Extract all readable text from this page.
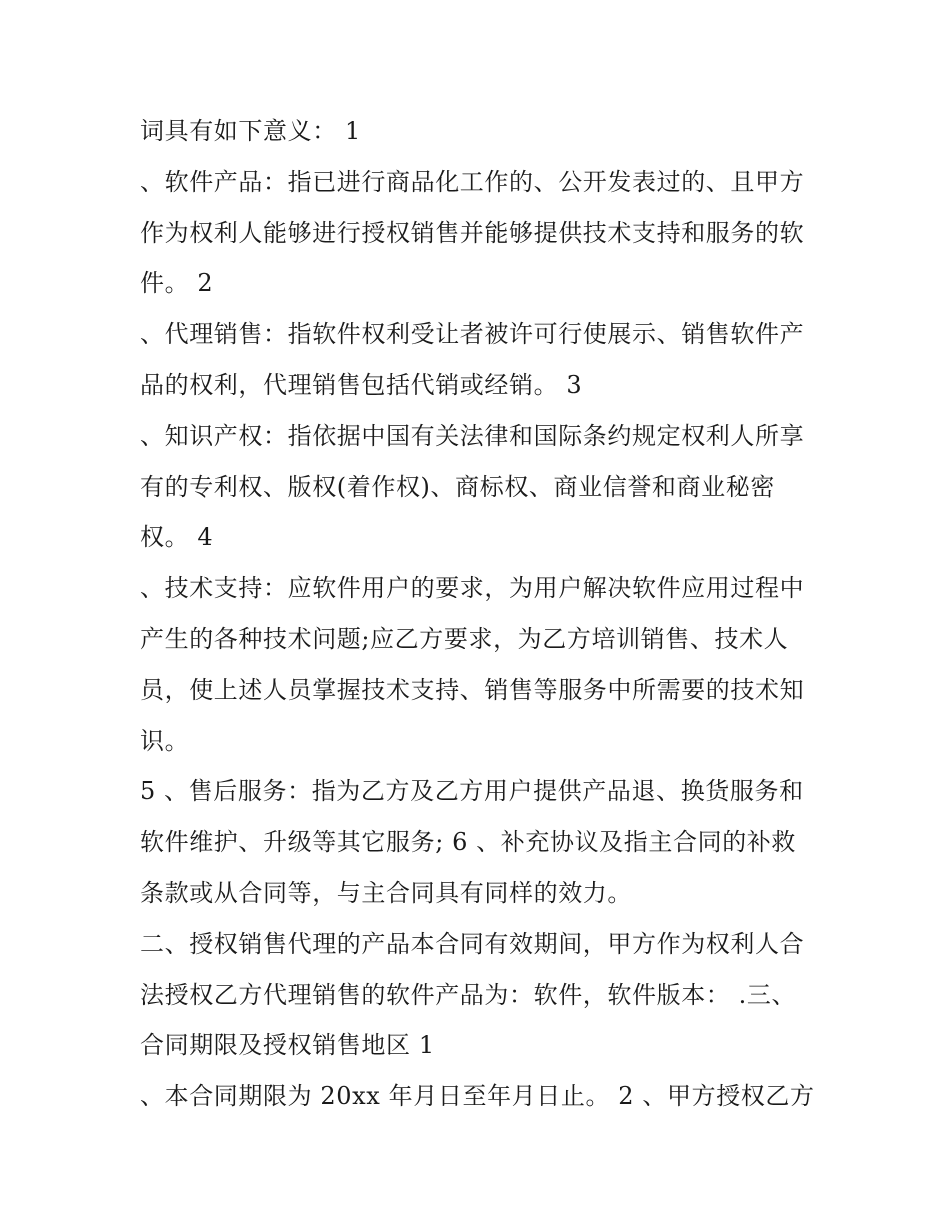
词具有如下意义： 1
、软件产品：指已进行商品化工作的、公开发表过的、且甲方
作为权利人能够进行授权销售并能够提供技术支持和服务的软
件。 2
、代理销售：指软件权利受让者被许可行使展示、销售软件产
品的权利，代理销售包括代销或经销。 3
、知识产权：指依据中国有关法律和国际条约规定权利人所享
有的专利权、版权(着作权)、商标权、商业信誉和商业秘密
权。 4
、技术支持：应软件用户的要求，为用户解决软件应用过程中
产生的各种技术问题;应乙方要求，为乙方培训销售、技术人
员，使上述人员掌握技术支持、销售等服务中所需要的技术知
识。
5 、售后服务：指为乙方及乙方用户提供产品退、换货服务和
软件维护、升级等其它服务; 6 、补充协议及指主合同的补救
条款或从合同等，与主合同具有同样的效力。
二、授权销售代理的产品本合同有效期间，甲方作为权利人合
法授权乙方代理销售的软件产品为：软件，软件版本： .三、
合同期限及授权销售地区 1
、本合同期限为 20xx 年月日至年月日止。 2 、甲方授权乙方
